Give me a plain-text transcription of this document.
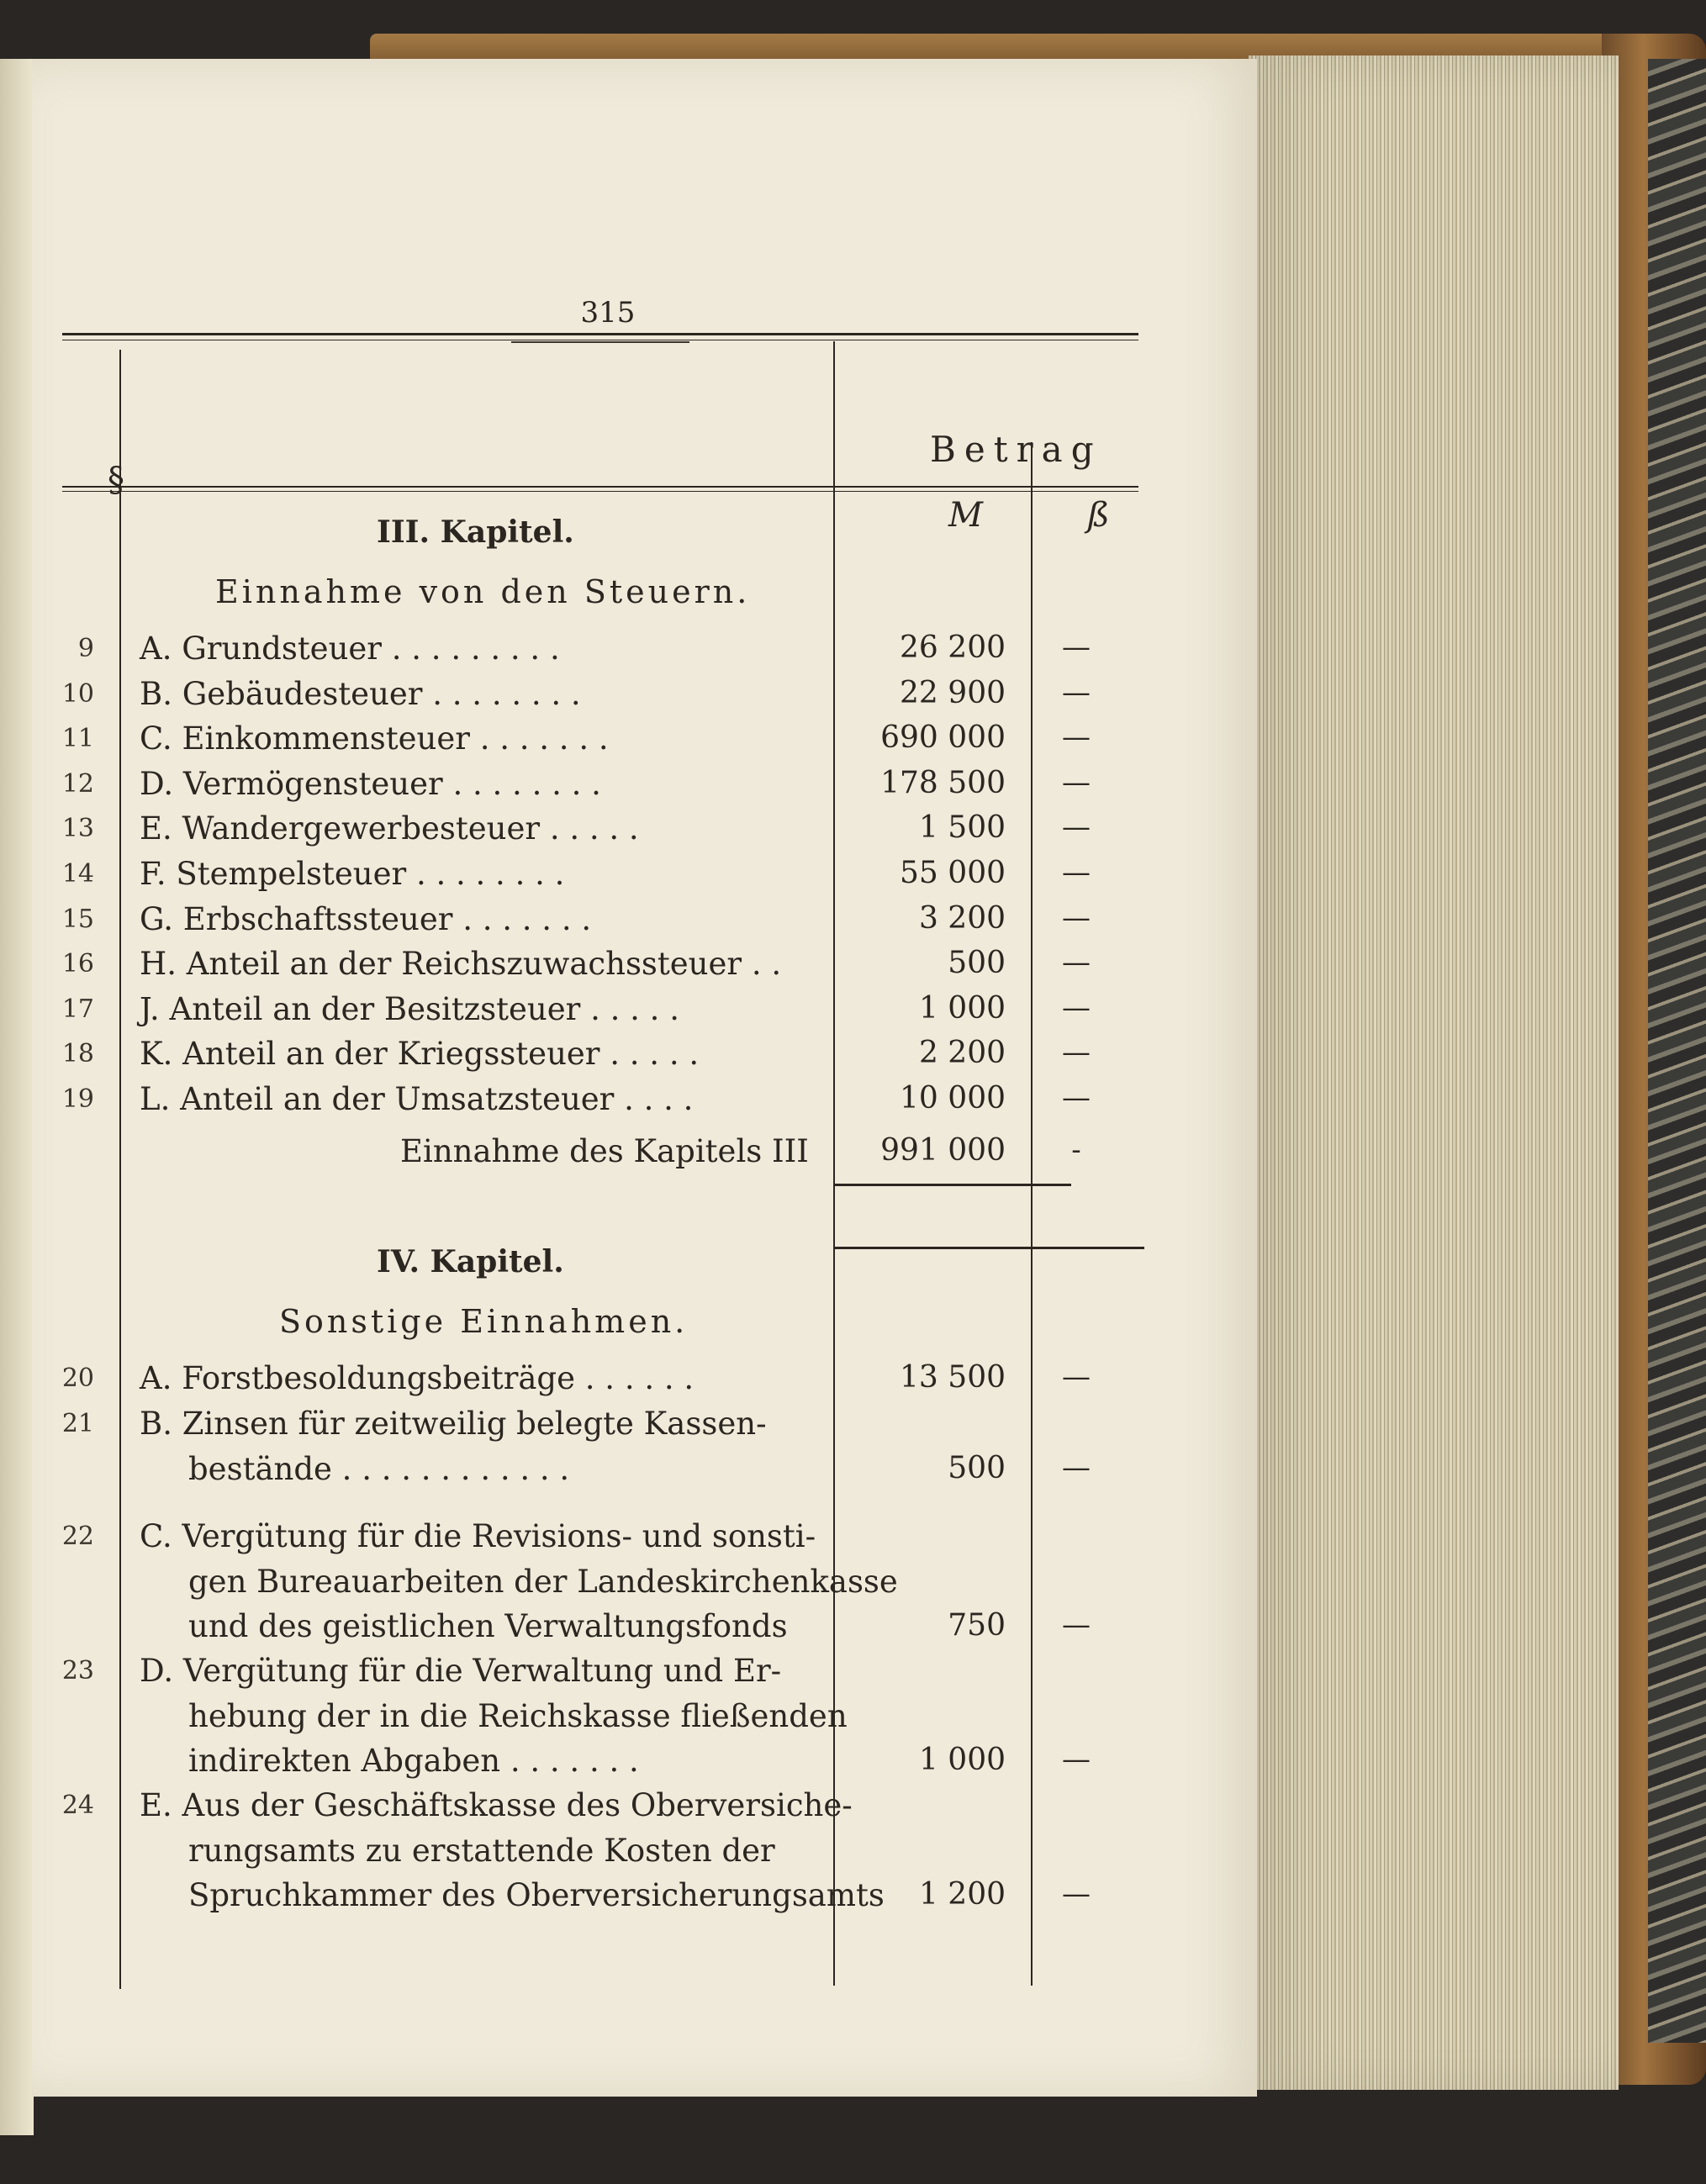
315
§
Betrag
M	ß
III. Kapitel.
Einnahme von den Steuern.
9 A. Grundsteuer . . . . . . . . .	26 200	—
10 B. Gebäudesteuer . . . . . . . .	22 900	—
11 C. Einkommensteuer . . . . . . .	690 000	—
12 D. Vermögensteuer . . . . . . . .	178 500	—
13 E. Wandergewerbesteuer . . . . .	1 500	—
14 F. Stempelsteuer . . . . . . . .	55 000	—
15 G. Erbschaftssteuer . . . . . . .	3 200	—
16 H. Anteil an der Reichszuwachssteuer . .	500	—
17 J. Anteil an der Besitzsteuer . . . . .	1 000	—
18 K. Anteil an der Kriegssteuer . . . . .	2 200	—
19 L. Anteil an der Umsatzsteuer . . . .	10 000	—
Einnahme des Kapitels III	991 000	-
IV. Kapitel.
Sonstige Einnahmen.
20 A. Forstbesoldungsbeiträge . . . . . .	13 500	—
21 B. Zinsen für zeitweilig belegte Kassen-
beständе . . . . . . . . . . . .	500	—
22 C. Vergütung für die Revisions- und sonsti-
gen Bureauarbeiten der Landeskirchenkasse
und des geistlichen Verwaltungsfonds	750	—
23 D. Vergütung für die Verwaltung und Er-
hebung der in die Reichskasse fließenden
indirekten Abgaben . . . . . . .	1 000	—
24 E. Aus der Geschäftskasse des Oberversiche-
rungsamts zu erstattende Kosten der
Spruchkammer des Oberversicherungsamts	1 200	—
